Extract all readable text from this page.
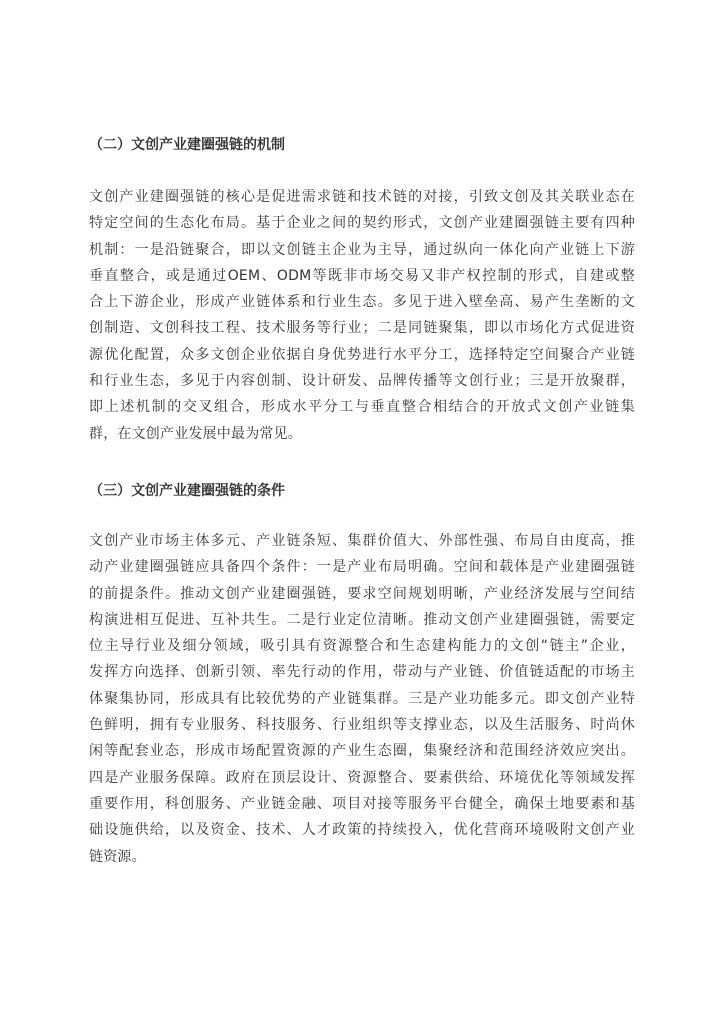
（二）文创产业建圈强链的机制
文创产业建圈强链的核心是促进需求链和技术链的对接，引致文创及其关联业态在
特定空间的生态化布局。基于企业之间的契约形式，文创产业建圈强链主要有四种
机制：一是沿链聚合，即以文创链主企业为主导，通过纵向一体化向产业链上下游
垂直整合，或是通过OEM、ODM等既非市场交易又非产权控制的形式，自建或整
合上下游企业，形成产业链体系和行业生态。多见于进入壁垒高、易产生垄断的文
创制造、文创科技工程、技术服务等行业；二是同链聚集，即以市场化方式促进资
源优化配置，众多文创企业依据自身优势进行水平分工，选择特定空间聚合产业链
和行业生态，多见于内容创制、设计研发、品牌传播等文创行业；三是开放聚群，
即上述机制的交叉组合，形成水平分工与垂直整合相结合的开放式文创产业链集
群，在文创产业发展中最为常见。
（三）文创产业建圈强链的条件
文创产业市场主体多元、产业链条短、集群价值大、外部性强、布局自由度高，推
动产业建圈强链应具备四个条件：一是产业布局明确。空间和载体是产业建圈强链
的前提条件。推动文创产业建圈强链，要求空间规划明晰，产业经济发展与空间结
构演进相互促进、互补共生。二是行业定位清晰。推动文创产业建圈强链，需要定
位主导行业及细分领域，吸引具有资源整合和生态建构能力的文创“链主”企业，
发挥方向选择、创新引领、率先行动的作用，带动与产业链、价值链适配的市场主
体聚集协同，形成具有比较优势的产业链集群。三是产业功能多元。即文创产业特
色鲜明，拥有专业服务、科技服务、行业组织等支撑业态，以及生活服务、时尚休
闲等配套业态，形成市场配置资源的产业生态圈，集聚经济和范围经济效应突出。
四是产业服务保障。政府在顶层设计、资源整合、要素供给、环境优化等领域发挥
重要作用，科创服务、产业链金融、项目对接等服务平台健全，确保土地要素和基
础设施供给，以及资金、技术、人才政策的持续投入，优化营商环境吸附文创产业
链资源。
